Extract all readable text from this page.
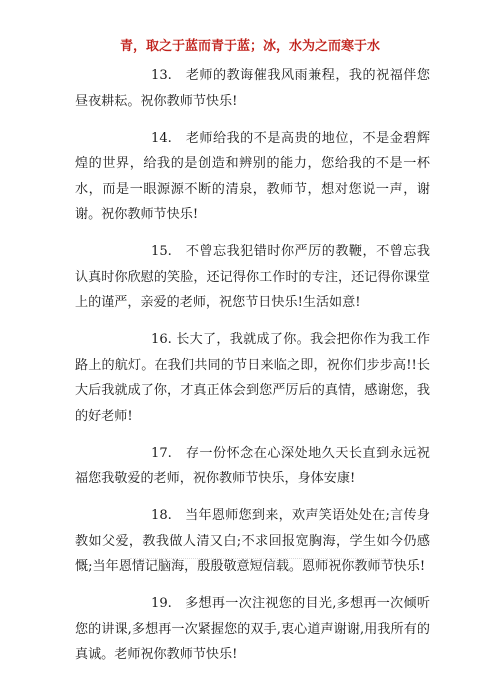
青，取之于蓝而青于蓝；冰，水为之而寒于水

13. 老师的教诲催我风雨兼程，我的祝福伴您昼夜耕耘。祝你教师节快乐!

14. 老师给我的不是高贵的地位，不是金碧辉煌的世界，给我的是创造和辨别的能力，您给我的不是一杯水，而是一眼源源不断的清泉，教师节，想对您说一声，谢谢。祝你教师节快乐!

15. 不曾忘我犯错时你严厉的教鞭，不曾忘我认真时你欣慰的笑脸，还记得你工作时的专注，还记得你课堂上的谨严，亲爱的老师，祝您节日快乐!生活如意!

16. 长大了，我就成了你。我会把你作为我工作路上的航灯。在我们共同的节日来临之即，祝你们步步高!!长大后我就成了你，才真正体会到您严厉后的真情，感谢您，我的好老师!

17. 存一份怀念在心深处地久天长直到永远祝福您我敬爱的老师，祝你教师节快乐，身体安康!

18. 当年恩师您到来，欢声笑语处处在;言传身教如父爱，教我做人清又白;不求回报宽胸海，学生如今仍感慨;当年恩情记脑海，殷殷敬意短信载。恩师祝你教师节快乐!

19. 多想再一次注视您的目光,多想再一次倾听您的讲课,多想再一次紧握您的双手,衷心道声谢谢,用我所有的真诚。老师祝你教师节快乐!
